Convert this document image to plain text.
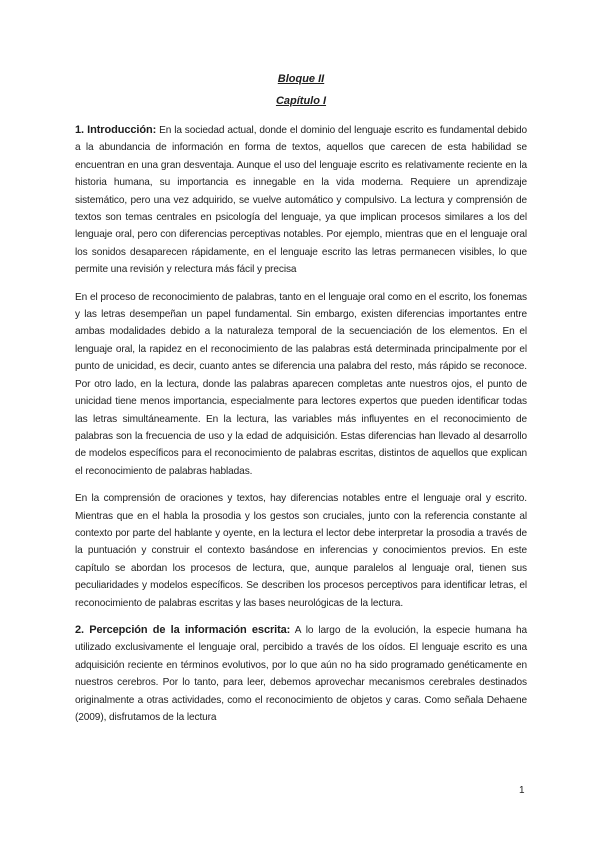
Bloque II

Capítulo I

1. Introducción: En la sociedad actual, donde el dominio del lenguaje escrito es fundamental debido a la abundancia de información en forma de textos, aquellos que carecen de esta habilidad se encuentran en una gran desventaja. Aunque el uso del lenguaje escrito es relativamente reciente en la historia humana, su importancia es innegable en la vida moderna. Requiere un aprendizaje sistemático, pero una vez adquirido, se vuelve automático y compulsivo. La lectura y comprensión de textos son temas centrales en psicología del lenguaje, ya que implican procesos similares a los del lenguaje oral, pero con diferencias perceptivas notables. Por ejemplo, mientras que en el lenguaje oral los sonidos desaparecen rápidamente, en el lenguaje escrito las letras permanecen visibles, lo que permite una revisión y relectura más fácil y precisa

En el proceso de reconocimiento de palabras, tanto en el lenguaje oral como en el escrito, los fonemas y las letras desempeñan un papel fundamental. Sin embargo, existen diferencias importantes entre ambas modalidades debido a la naturaleza temporal de la secuenciación de los elementos. En el lenguaje oral, la rapidez en el reconocimiento de las palabras está determinada principalmente por el punto de unicidad, es decir, cuanto antes se diferencia una palabra del resto, más rápido se reconoce. Por otro lado, en la lectura, donde las palabras aparecen completas ante nuestros ojos, el punto de unicidad tiene menos importancia, especialmente para lectores expertos que pueden identificar todas las letras simultáneamente. En la lectura, las variables más influyentes en el reconocimiento de palabras son la frecuencia de uso y la edad de adquisición. Estas diferencias han llevado al desarrollo de modelos específicos para el reconocimiento de palabras escritas, distintos de aquellos que explican el reconocimiento de palabras habladas.

En la comprensión de oraciones y textos, hay diferencias notables entre el lenguaje oral y escrito. Mientras que en el habla la prosodia y los gestos son cruciales, junto con la referencia constante al contexto por parte del hablante y oyente, en la lectura el lector debe interpretar la prosodia a través de la puntuación y construir el contexto basándose en inferencias y conocimientos previos. En este capítulo se abordan los procesos de lectura, que, aunque paralelos al lenguaje oral, tienen sus peculiaridades y modelos específicos. Se describen los procesos perceptivos para identificar letras, el reconocimiento de palabras escritas y las bases neurológicas de la lectura.

2. Percepción de la información escrita: A lo largo de la evolución, la especie humana ha utilizado exclusivamente el lenguaje oral, percibido a través de los oídos. El lenguaje escrito es una adquisición reciente en términos evolutivos, por lo que aún no ha sido programado genéticamente en nuestros cerebros. Por lo tanto, para leer, debemos aprovechar mecanismos cerebrales destinados originalmente a otras actividades, como el reconocimiento de objetos y caras. Como señala Dehaene (2009), disfrutamos de la lectura

1
